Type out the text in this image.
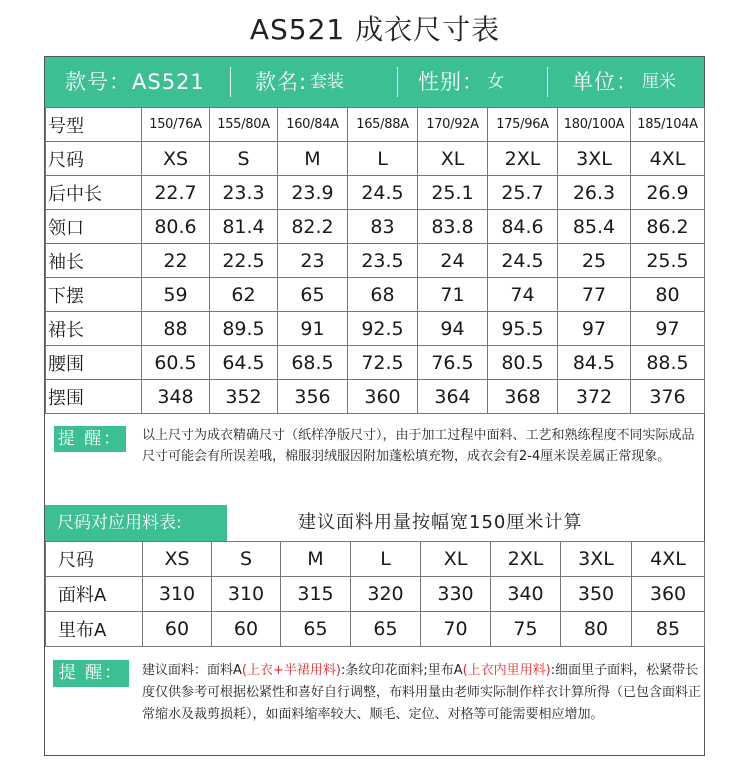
AS521 成衣尺寸表
款号： AS521 款名: 套装	性别： 女	单位： 厘米
号型	150/76A	155/80A	160/84A	165/88A	170/92A	175/96A	180/100A	185/104A
尺码	XS	S	M	L	XL	2XL	3XL	4XL
后中长	22.7	23.3	23.9	24.5	25.1	25.7	26.3	26.9
领口	80.6	81.4	82.2	83	83.8	84.6	85.4	86.2
袖长	22	22.5	23	23.5	24	24.5	25	25.5
下摆	59	62	65	68	71	74	77	80
裙长	88	89.5	91	92.5	94	95.5	97	97
腰围	60.5	64.5	68.5	72.5	76.5	80.5	84.5	88.5
摆围	348	352	356	360	364	368	372	376
提 醒： 以上尺寸为成衣精确尺寸（纸样净版尺寸），由于加工过程中面料、工艺和熟练程度不同实际成品尺寸可能会有所误差哦，棉服羽绒服因附加蓬松填充物，成衣会有2-4厘米误差属正常现象。
尺码对应用料表:	建议面料用量按幅宽150厘米计算
尺码	XS	S	M	L	XL	2XL	3XL	4XL
面料A	310	310	315	320	330	340	350	360
里布A	60	60	65	65	70	75	80	85
提 醒：	建议面料：面料A(上衣+半裙用料):条纹印花面料;里布A(上衣内里用料):细面里子面料，松紧带长度仅供参考可根据松紧性和喜好自行调整，布料用量由老师实际制作样衣计算所得（已包含面料正常缩水及裁剪损耗），如面料缩率较大、顺毛、定位、对格等可能需要相应增加。
